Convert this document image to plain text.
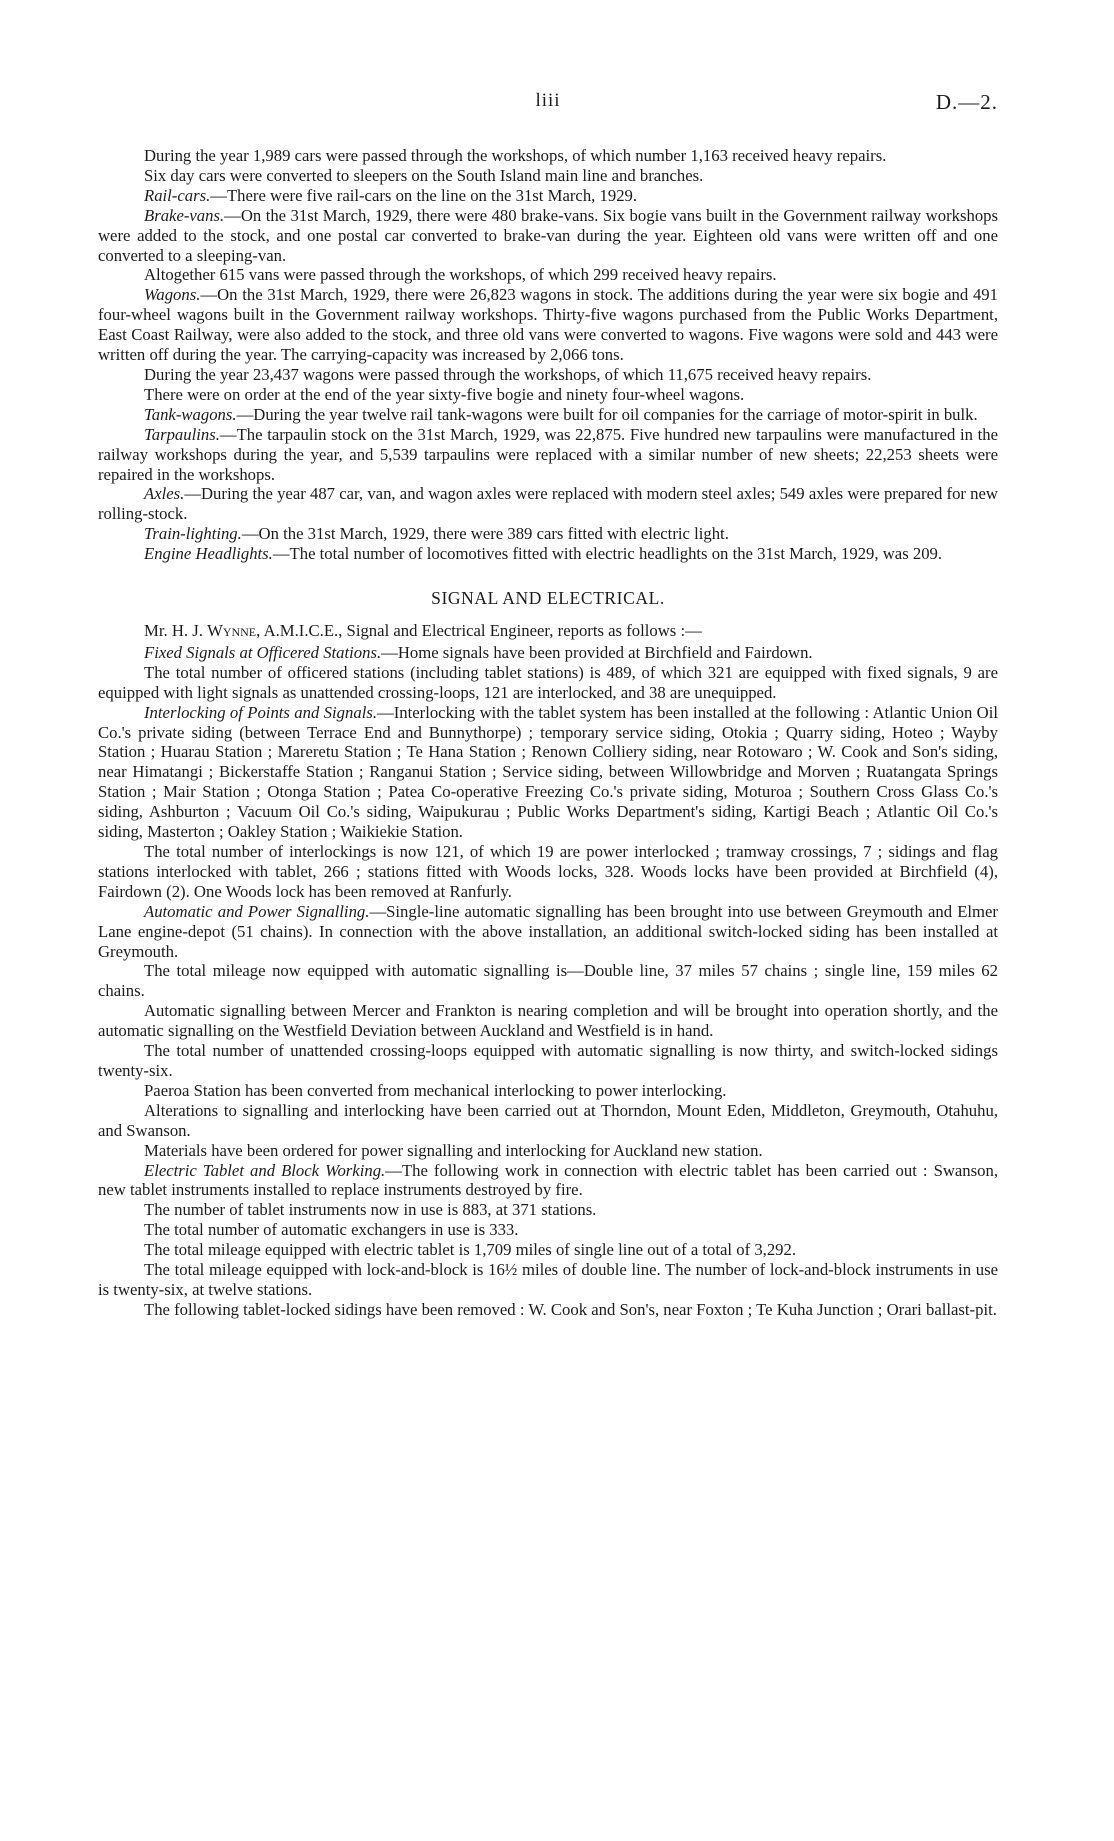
liii	D.—2.

During the year 1,989 cars were passed through the workshops, of which number 1,163 received heavy repairs.

Six day cars were converted to sleepers on the South Island main line and branches.

Rail-cars.—There were five rail-cars on the line on the 31st March, 1929.

Brake-vans.—On the 31st March, 1929, there were 480 brake-vans. Six bogie vans built in the Government railway workshops were added to the stock, and one postal car converted to brake-van during the year. Eighteen old vans were written off and one converted to a sleeping-van.

Altogether 615 vans were passed through the workshops, of which 299 received heavy repairs.

Wagons.—On the 31st March, 1929, there were 26,823 wagons in stock. The additions during the year were six bogie and 491 four-wheel wagons built in the Government railway workshops. Thirty-five wagons purchased from the Public Works Department, East Coast Railway, were also added to the stock, and three old vans were converted to wagons. Five wagons were sold and 443 were written off during the year. The carrying-capacity was increased by 2,066 tons.

During the year 23,437 wagons were passed through the workshops, of which 11,675 received heavy repairs.

There were on order at the end of the year sixty-five bogie and ninety four-wheel wagons.

Tank-wagons.—During the year twelve rail tank-wagons were built for oil companies for the carriage of motor-spirit in bulk.

Tarpaulins.—The tarpaulin stock on the 31st March, 1929, was 22,875. Five hundred new tarpaulins were manufactured in the railway workshops during the year, and 5,539 tarpaulins were replaced with a similar number of new sheets; 22,253 sheets were repaired in the workshops.

Axles.—During the year 487 car, van, and wagon axles were replaced with modern steel axles; 549 axles were prepared for new rolling-stock.

Train-lighting.—On the 31st March, 1929, there were 389 cars fitted with electric light.

Engine Headlights.—The total number of locomotives fitted with electric headlights on the 31st March, 1929, was 209.

SIGNAL AND ELECTRICAL.

Mr. H. J. Wynne, A.M.I.C.E., Signal and Electrical Engineer, reports as follows :—

Fixed Signals at Officered Stations.—Home signals have been provided at Birchfield and Fairdown.

The total number of officered stations (including tablet stations) is 489, of which 321 are equipped with fixed signals, 9 are equipped with light signals as unattended crossing-loops, 121 are interlocked, and 38 are unequipped.

Interlocking of Points and Signals.—Interlocking with the tablet system has been installed at the following : Atlantic Union Oil Co.'s private siding (between Terrace End and Bunnythorpe) ; temporary service siding, Otokia ; Quarry siding, Hoteo ; Wayby Station ; Huarau Station ; Mareretu Station ; Te Hana Station ; Renown Colliery siding, near Rotowaro ; W. Cook and Son's siding, near Himatangi ; Bickerstaffe Station ; Ranganui Station ; Service siding, between Willowbridge and Morven ; Ruatangata Springs Station ; Mair Station ; Otonga Station ; Patea Co-operative Freezing Co.'s private siding, Moturoa ; Southern Cross Glass Co.'s siding, Ashburton ; Vacuum Oil Co.'s siding, Waipukurau ; Public Works Department's siding, Kartigi Beach ; Atlantic Oil Co.'s siding, Masterton ; Oakley Station ; Waikiekie Station.

The total number of interlockings is now 121, of which 19 are power interlocked ; tramway crossings, 7 ; sidings and flag stations interlocked with tablet, 266 ; stations fitted with Woods locks, 328. Woods locks have been provided at Birchfield (4), Fairdown (2). One Woods lock has been removed at Ranfurly.

Automatic and Power Signalling.—Single-line automatic signalling has been brought into use between Greymouth and Elmer Lane engine-depot (51 chains). In connection with the above installation, an additional switch-locked siding has been installed at Greymouth.

The total mileage now equipped with automatic signalling is—Double line, 37 miles 57 chains ; single line, 159 miles 62 chains.

Automatic signalling between Mercer and Frankton is nearing completion and will be brought into operation shortly, and the automatic signalling on the Westfield Deviation between Auckland and Westfield is in hand.

The total number of unattended crossing-loops equipped with automatic signalling is now thirty, and switch-locked sidings twenty-six.

Paeroa Station has been converted from mechanical interlocking to power interlocking.

Alterations to signalling and interlocking have been carried out at Thorndon, Mount Eden, Middleton, Greymouth, Otahuhu, and Swanson.

Materials have been ordered for power signalling and interlocking for Auckland new station.

Electric Tablet and Block Working.—The following work in connection with electric tablet has been carried out : Swanson, new tablet instruments installed to replace instruments destroyed by fire.

The number of tablet instruments now in use is 883, at 371 stations.

The total number of automatic exchangers in use is 333.

The total mileage equipped with electric tablet is 1,709 miles of single line out of a total of 3,292.

The total mileage equipped with lock-and-block is 16½ miles of double line. The number of lock-and-block instruments in use is twenty-six, at twelve stations.

The following tablet-locked sidings have been removed : W. Cook and Son's, near Foxton ; Te Kuha Junction ; Orari ballast-pit.
